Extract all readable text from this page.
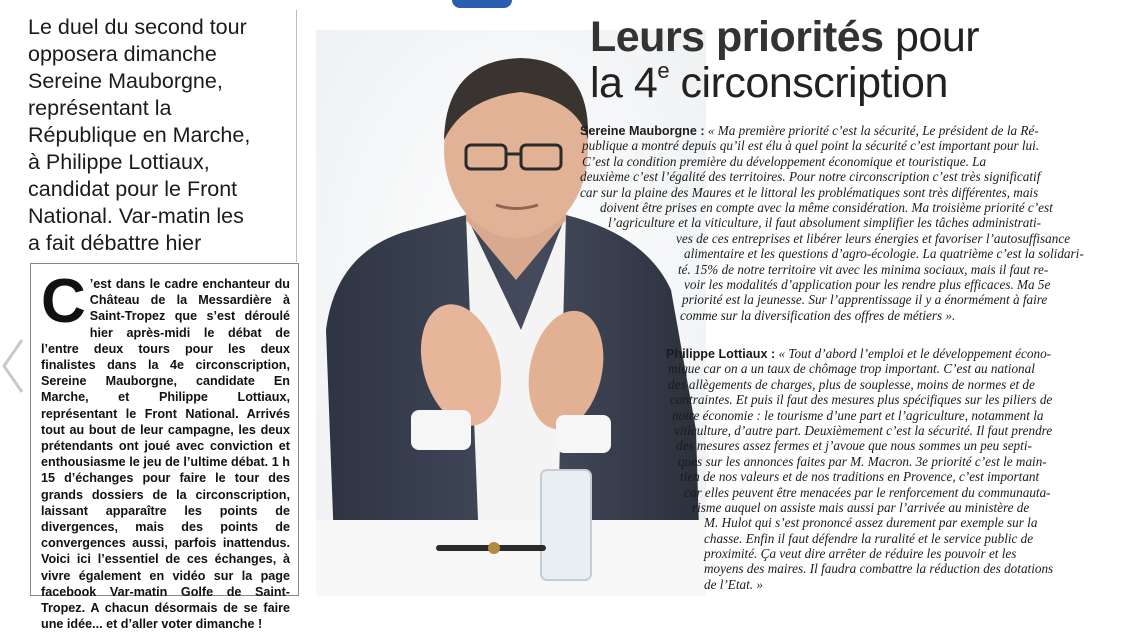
Le duel du second tour
opposera dimanche
Sereine Mauborgne,
représentant la
République en Marche,
à Philippe Lottiaux,
candidat pour le Front
National. Var-matin les
a fait débattre hier
C ’est dans le cadre enchanteur du Château de la Messardière à Saint-Tropez que s’est déroulé hier après-midi le débat de l’entre deux tours pour les deux finalistes dans la 4e circonscription, Sereine Mauborgne, candidate En Marche, et Philippe Lottiaux, représentant le Front National. Arrivés tout au bout de leur campagne, les deux prétendants ont joué avec conviction et enthousiasme le jeu de l’ultime débat. 1 h 15 d’échanges pour faire le tour des grands dossiers de la circonscription, laissant apparaître les points de divergences, mais des points de convergences aussi, parfois inattendus. Voici ici l’essentiel de ces échanges, à vivre également en vidéo sur la page facebook Var-matin Golfe de Saint-Tropez. A chacun désormais de se faire une idée... et d’aller voter dimanche !
Leurs priorités pour
la 4e circonscription
Sereine Mauborgne : « Ma première priorité c’est la sécurité, Le président de la Ré-
publique a montré depuis qu’il est élu à quel point la sécurité c’est important pour lui.
C’est la condition première du développement économique et touristique. La
deuxième c’est l’égalité des territoires. Pour notre circonscription c’est très significatif
car sur la plaine des Maures et le littoral les problématiques sont très différentes, mais
doivent être prises en compte avec la même considération. Ma troisième priorité c’est
l’agriculture et la viticulture, il faut absolument simplifier les tâches administrati-
ves de ces entreprises et libérer leurs énergies et favoriser l’autosuffisance
alimentaire et les questions d’agro-écologie. La quatrième c’est la solidari-
té. 15% de notre territoire vit avec les minima sociaux, mais il faut re-
voir les modalités d’application pour les rendre plus efficaces. Ma 5e
priorité est la jeunesse. Sur l’apprentissage il y a énormément à faire
comme sur la diversification des offres de métiers ».
Philippe Lottiaux : « Tout d’abord l’emploi et le développement écono-
mique car on a un taux de chômage trop important. C’est au national
des allègements de charges, plus de souplesse, moins de normes et de
contraintes. Et puis il faut des mesures plus spécifiques sur les piliers de
notre économie : le tourisme d’une part et l’agriculture, notamment la
viticulture, d’autre part. Deuxièmement c’est la sécurité. Il faut prendre
des mesures assez fermes et j’avoue que nous sommes un peu septi-
ques sur les annonces faites par M. Macron. 3e priorité c’est le main-
tien de nos valeurs et de nos traditions en Provence, c’est important
car elles peuvent être menacées par le renforcement du communauta-
risme auquel on assiste mais aussi par l’arrivée au ministère de
M. Hulot qui s’est prononcé assez durement par exemple sur la
chasse. Enfin il faut défendre la ruralité et le service public de
proximité. Ça veut dire arrêter de réduire les pouvoir et les
moyens des maires. Il faudra combattre la réduction des dotations
de l’Etat. »
